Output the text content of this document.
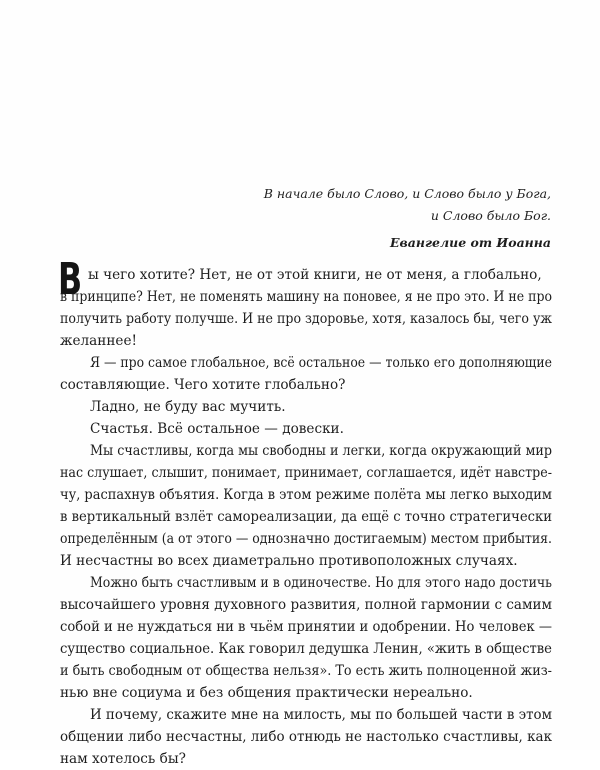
В начале было Слово, и Слово было у Бога,
и Слово было Бог.
Евангелие от Иоанна
В ы чего хотите? Нет, не от этой книги, не от меня, а глобально,
в принципе? Нет, не поменять машину на поновее, я не про это. И не про
получить работу получше. И не про здоровье, хотя, казалось бы, чего уж
желаннее!
Я — про самое глобальное, всё остальное — только его дополняющие
составляющие. Чего хотите глобально?
Ладно, не буду вас мучить.
Счастья. Всё остальное — довески.
Мы счастливы, когда мы свободны и легки, когда окружающий мир
нас слушает, слышит, понимает, принимает, соглашается, идёт навстре-
чу, распахнув объятия. Когда в этом режиме полёта мы легко выходим
в вертикальный взлёт самореализации, да ещё с точно стратегически
определённым (а от этого — однозначно достигаемым) местом прибытия.
И несчастны во всех диаметрально противоположных случаях.
Можно быть счастливым и в одиночестве. Но для этого надо достичь
высочайшего уровня духовного развития, полной гармонии с самим
собой и не нуждаться ни в чьём принятии и одобрении. Но человек —
существо социальное. Как говорил дедушка Ленин, «жить в обществе
и быть свободным от общества нельзя». То есть жить полноценной жиз-
нью вне социума и без общения практически нереально.
И почему, скажите мне на милость, мы по большей части в этом
общении либо несчастны, либо отнюдь не настолько счастливы, как
нам хотелось бы?
